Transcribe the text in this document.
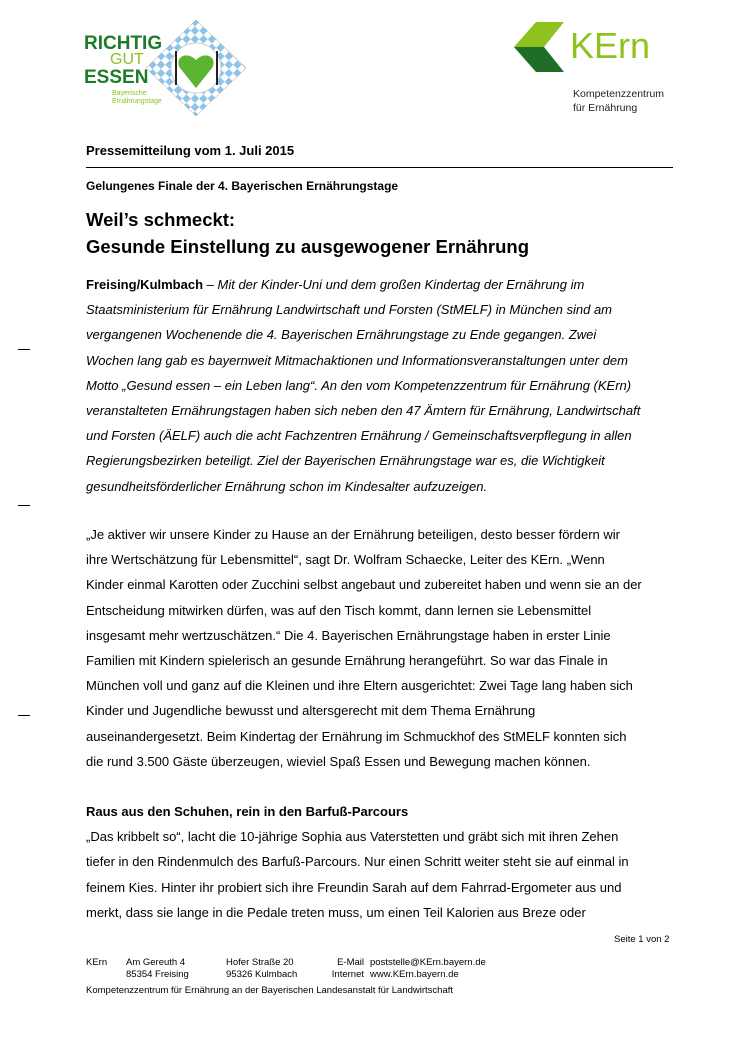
RICHTIG
GUT
ESSEN
Bayerische
Ernährungstage
KErn
Kompetenzzentrum
für Ernährung
Pressemitteilung vom 1. Juli 2015
Gelungenes Finale der 4. Bayerischen Ernährungstage
Weil’s schmeckt:
Gesunde Einstellung zu ausgewogener Ernährung
Freising/Kulmbach – Mit der Kinder-Uni und dem großen Kindertag der Ernährung im
Staatsministerium für Ernährung Landwirtschaft und Forsten (StMELF) in München sind am
vergangenen Wochenende die 4. Bayerischen Ernährungstage zu Ende gegangen. Zwei
Wochen lang gab es bayernweit Mitmachaktionen und Informationsveranstaltungen unter dem
Motto „Gesund essen – ein Leben lang“. An den vom Kompetenzzentrum für Ernährung (KErn)
veranstalteten Ernährungstagen haben sich neben den 47 Ämtern für Ernährung, Landwirtschaft
und Forsten (ÄELF) auch die acht Fachzentren Ernährung / Gemeinschaftsverpflegung in allen
Regierungsbezirken beteiligt. Ziel der Bayerischen Ernährungstage war es, die Wichtigkeit
gesundheitsförderlicher Ernährung schon im Kindesalter aufzuzeigen.
„Je aktiver wir unsere Kinder zu Hause an der Ernährung beteiligen, desto besser fördern wir
ihre Wertschätzung für Lebensmittel“, sagt Dr. Wolfram Schaecke, Leiter des KErn. „Wenn
Kinder einmal Karotten oder Zucchini selbst angebaut und zubereitet haben und wenn sie an der
Entscheidung mitwirken dürfen, was auf den Tisch kommt, dann lernen sie Lebensmittel
insgesamt mehr wertzuschätzen.“ Die 4. Bayerischen Ernährungstage haben in erster Linie
Familien mit Kindern spielerisch an gesunde Ernährung herangeführt. So war das Finale in
München voll und ganz auf die Kleinen und ihre Eltern ausgerichtet: Zwei Tage lang haben sich
Kinder und Jugendliche bewusst und altersgerecht mit dem Thema Ernährung
auseinandergesetzt. Beim Kindertag der Ernährung im Schmuckhof des StMELF konnten sich
die rund 3.500 Gäste überzeugen, wieviel Spaß Essen und Bewegung machen können.
Raus aus den Schuhen, rein in den Barfuß-Parcours
„Das kribbelt so“, lacht die 10-jährige Sophia aus Vaterstetten und gräbt sich mit ihren Zehen
tiefer in den Rindenmulch des Barfuß-Parcours. Nur einen Schritt weiter steht sie auf einmal in
feinem Kies. Hinter ihr probiert sich ihre Freundin Sarah auf dem Fahrrad-Ergometer aus und
merkt, dass sie lange in die Pedale treten muss, um einen Teil Kalorien aus Breze oder
Seite 1 von 2
KErn Am Gereuth 4
85354 Freising
Hofer Straße 20
95326 Kulmbach
E-Mail
Internet
poststelle@KErn.bayern.de
www.KErn.bayern.de
Kompetenzzentrum für Ernährung an der Bayerischen Landesanstalt für Landwirtschaft
